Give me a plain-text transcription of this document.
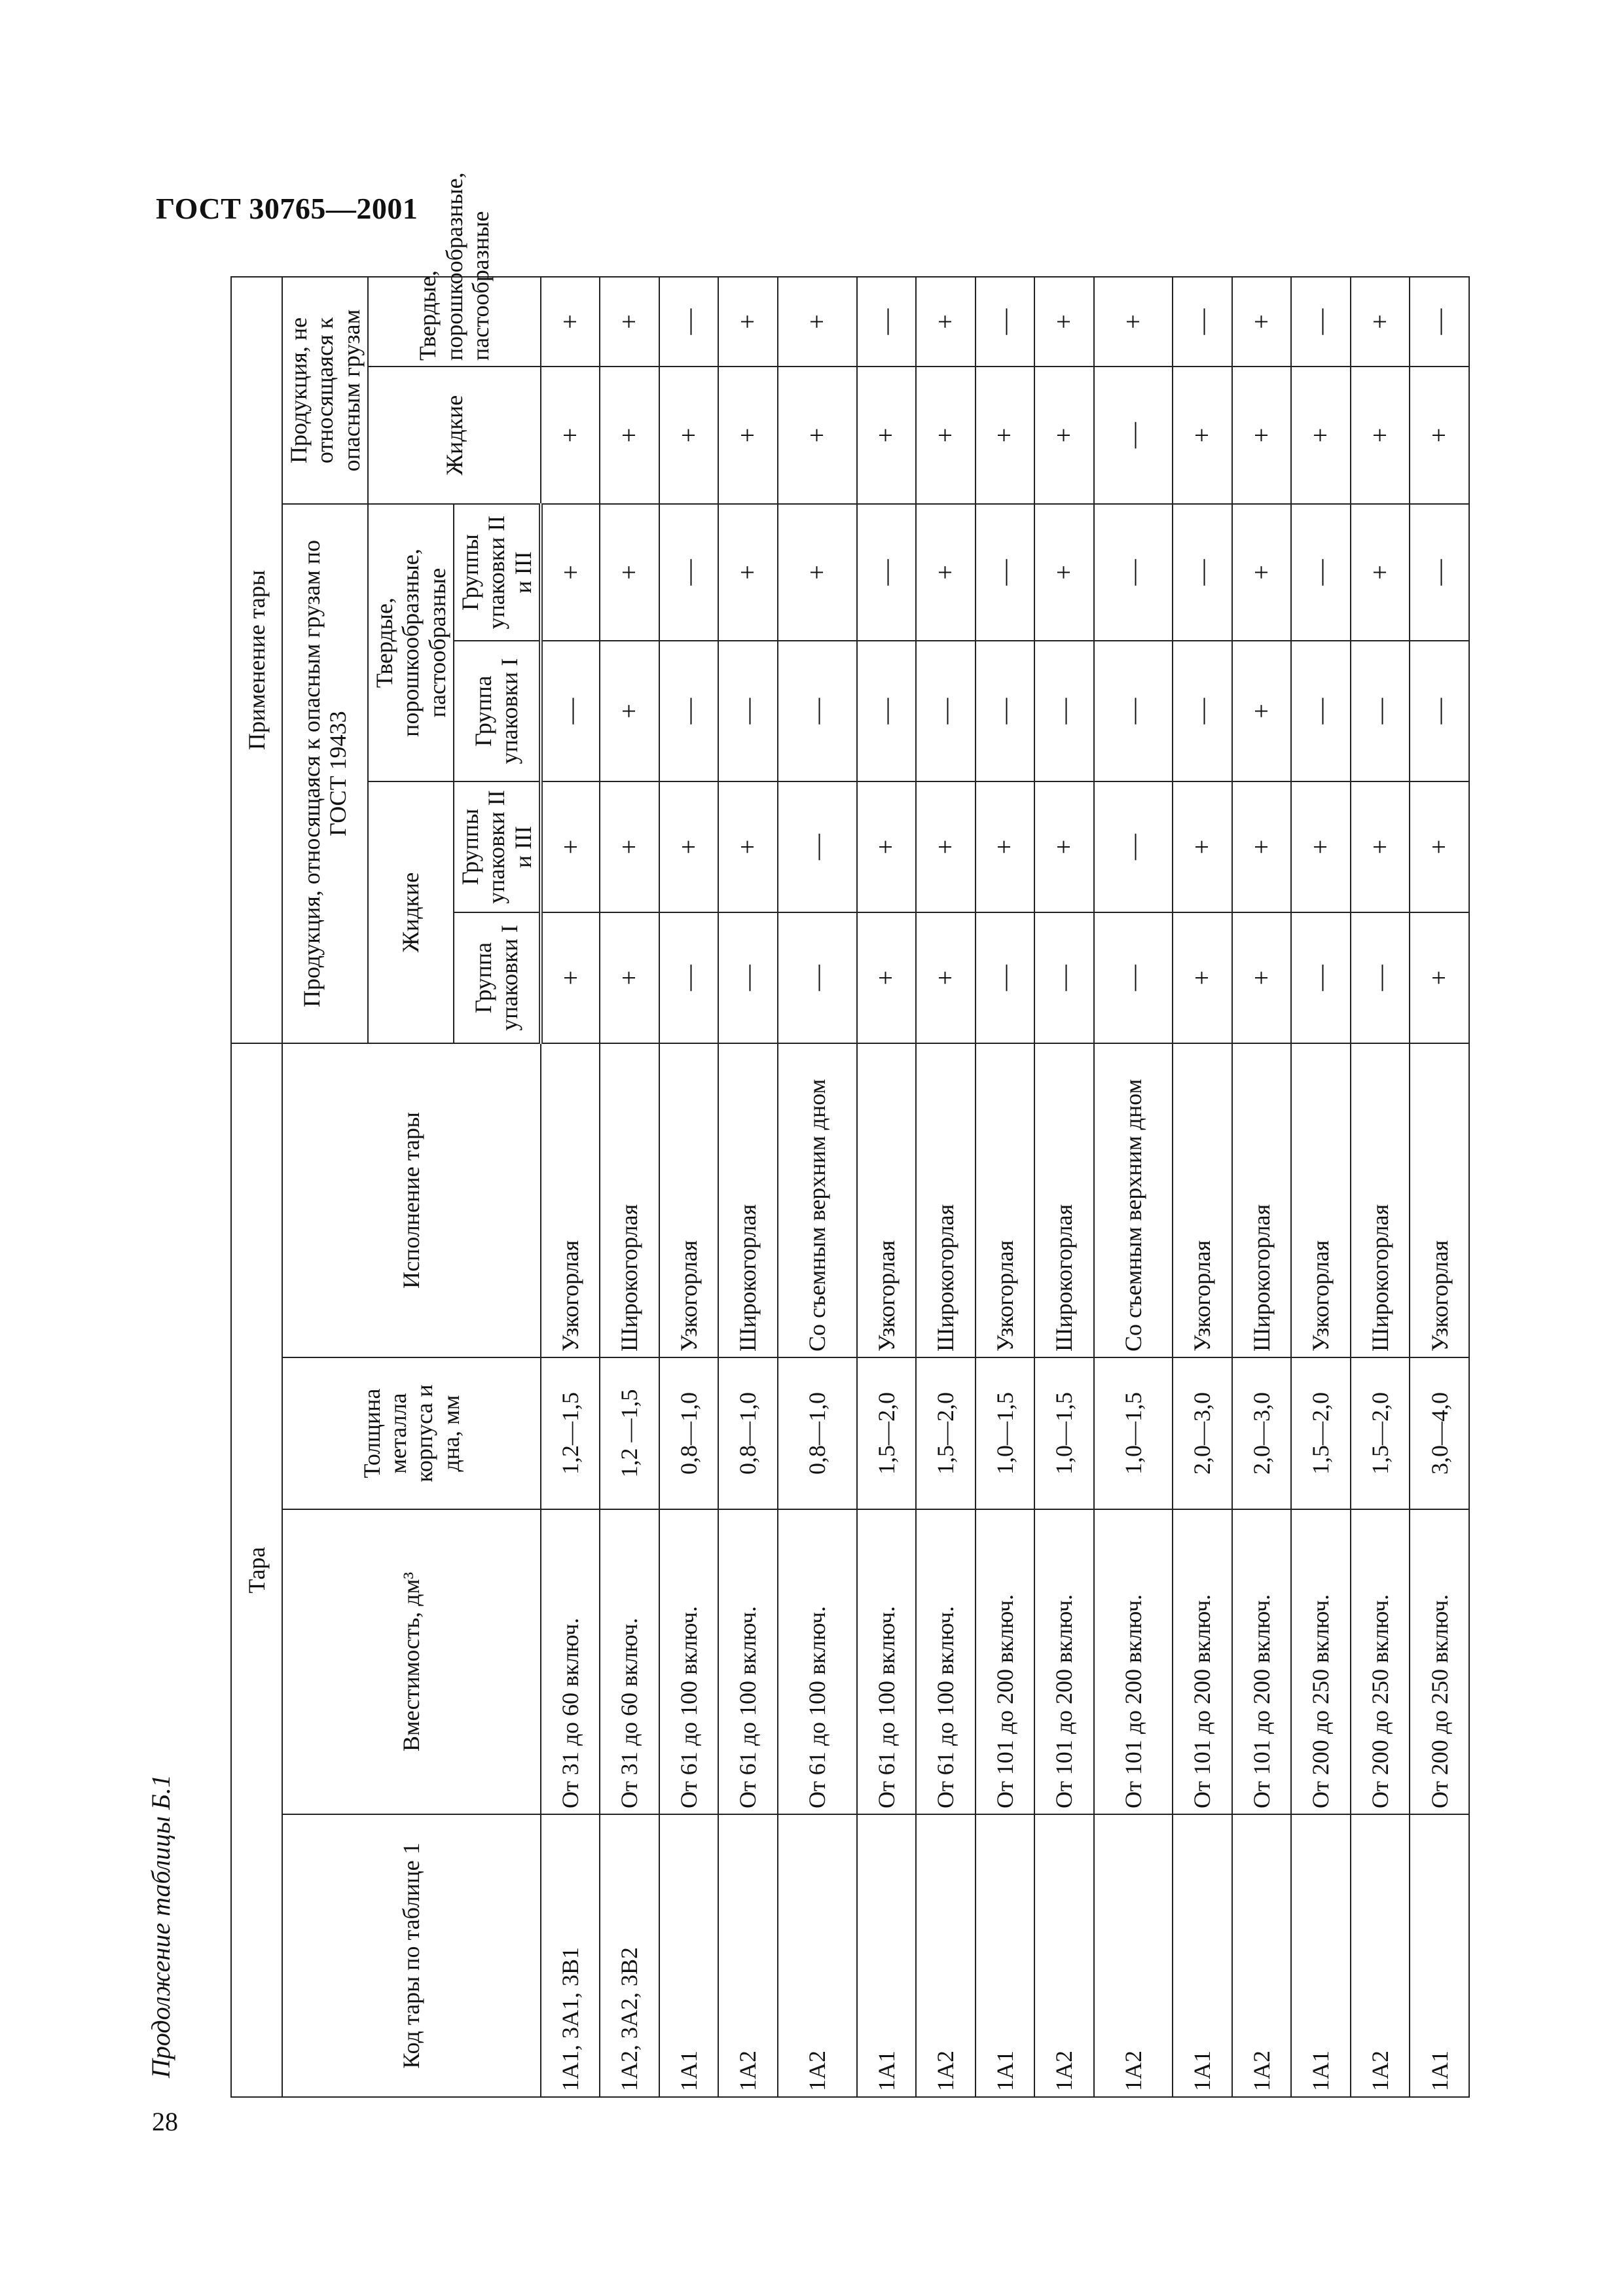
ГОСТ 30765—2001
Продолжение таблицы Б.1
28
Тара				Применение тары					
Код тары по таблице 1	Вместимость, дм³	Толщина металла корпуса и дна, мм	Исполнение тары	Продукция, относящаяся к опасным грузам по ГОСТ 19433				Продукция, не относящаяся к опасным грузам	
				Жидкие		Твердые, порошкообразные, пастообразные		Жидкие	Твердые, порошкообразные, пастообразные
				Группа упаковки I	Группы упаковки II и III	Группа упаковки I	Группы упаковки II и III		
1A1, 3A1, 3B1	От 31 до 60 включ.	1,2—1,5	Узкогорлая	+	+	—	+	+	+
1A2, 3A2, 3B2	От 31 до 60 включ.	1,2 —1,5	Широкогорлая	+	+	+	+	+	+
1A1	От 61 до 100 включ.	0,8—1,0	Узкогорлая	—	+	—	—	+	—
1A2	От 61 до 100 включ.	0,8—1,0	Широкогорлая	—	+	—	+	+	+
1A2	От 61 до 100 включ.	0,8—1,0	Со съемным верхним дном	—	—	—	+	+	+
1A1	От 61 до 100 включ.	1,5—2,0	Узкогорлая	+	+	—	—	+	—
1A2	От 61 до 100 включ.	1,5—2,0	Широкогорлая	+	+	—	+	+	+
1A1	От 101 до 200 включ.	1,0—1,5	Узкогорлая	—	+	—	—	+	—
1A2	От 101 до 200 включ.	1,0—1,5	Широкогорлая	—	+	—	+	+	+
1A2	От 101 до 200 включ.	1,0—1,5	Со съемным верхним дном	—	—	—	—	—	+
1A1	От 101 до 200 включ.	2,0—3,0	Узкогорлая	+	+	—	—	+	—
1A2	От 101 до 200 включ.	2,0—3,0	Широкогорлая	+	+	+	+	+	+
1A1	От 200 до 250 включ.	1,5—2,0	Узкогорлая	—	+	—	—	+	—
1A2	От 200 до 250 включ.	1,5—2,0	Широкогорлая	—	+	—	+	+	+
1A1	От 200 до 250 включ.	3,0—4,0	Узкогорлая	+	+	—	—	+	—
